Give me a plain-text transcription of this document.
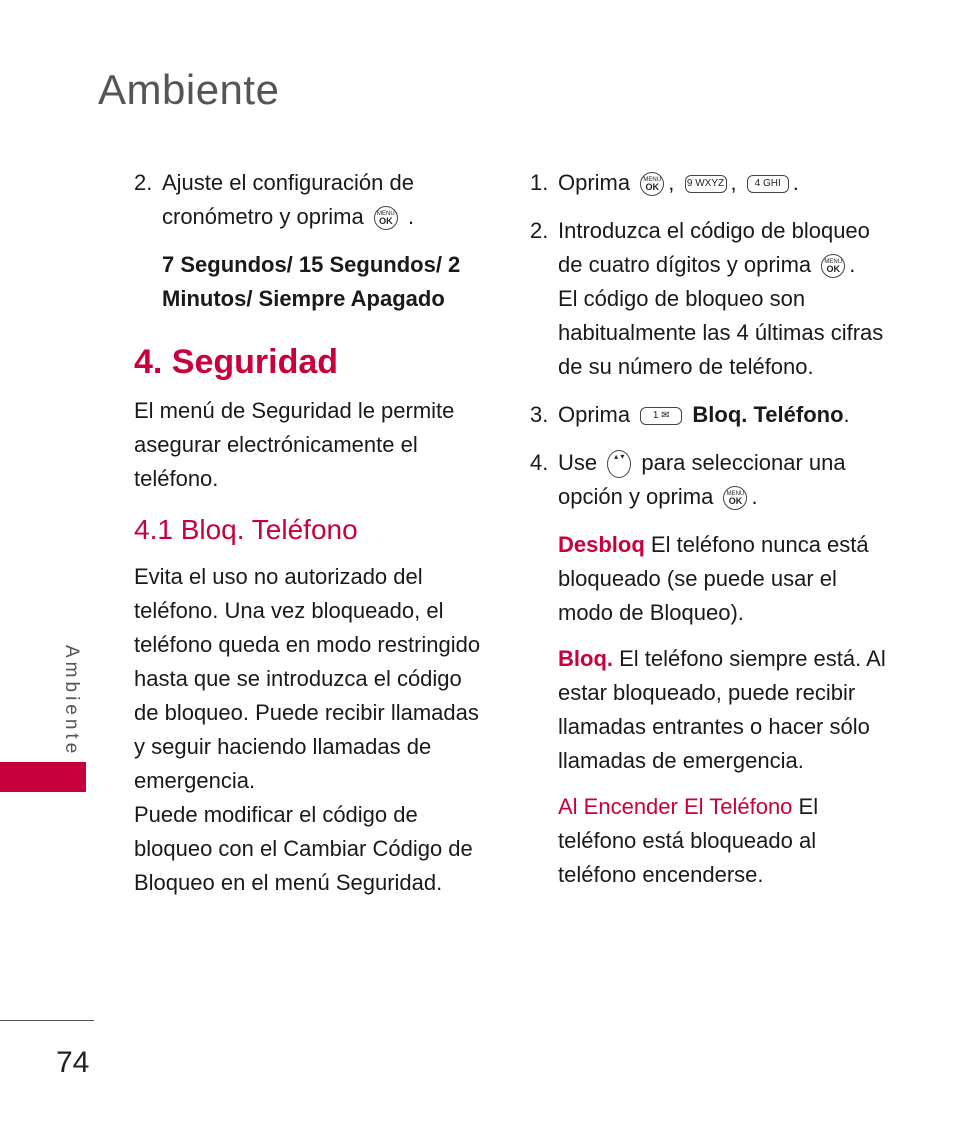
Ambiente
Ambiente
74
2. Ajuste el configuración de cronómetro y oprima	MENU
OK .

7 Segundos/ 15 Segundos/ 2 Minutos/ Siempre Apagado

4. Seguridad

El menú de Seguridad le permite asegurar electrónicamente el teléfono.

4.1 Bloq. Teléfono

Evita el uso no autorizado del teléfono. Una vez bloqueado, el teléfono queda en modo restringido hasta que se introduzca el código de bloqueo. Puede recibir llamadas y seguir haciendo llamadas de emergencia.

Puede modificar el código de bloqueo con el Cambiar Código de Bloqueo en el menú Seguridad.

1. Oprima	MENU
OK , 9 WXYZ , 4 GHI .
2. Introduzca el código de bloqueo de cuatro dígitos y oprima	MENU
OK .

El código de bloqueo son habitualmente las 4 últimas cifras de su número de teléfono.

3. Oprima 1 ✉ Bloq. Teléfono.
4. Use ▴ ▾ para seleccionar una opción y oprima	MENU
OK .

Desbloq El teléfono nunca está bloqueado (se puede usar el modo de Bloqueo).

Bloq. El teléfono siempre está. Al estar bloqueado, puede recibir llamadas entrantes o hacer sólo llamadas de emergencia.

Al Encender El Teléfono El teléfono está bloqueado al teléfono encenderse.
